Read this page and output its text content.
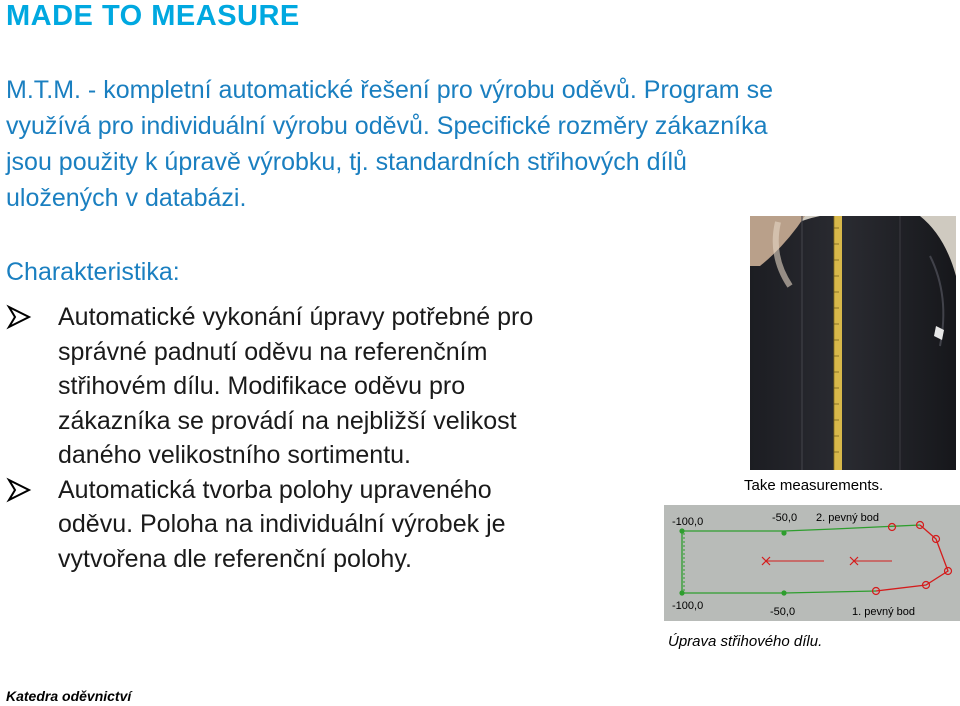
MADE TO MEASURE
M.T.M. - kompletní automatické řešení pro výrobu oděvů. Program se
využívá pro individuální výrobu oděvů. Specifické rozměry zákazníka
jsou použity k úpravě výrobku, tj. standardních střihových dílů
uložených v databázi.
Charakteristika:
Automatické vykonání úpravy potřebné pro
správné padnutí oděvu na referenčním
střihovém dílu. Modifikace oděvu pro
zákazníka se provádí na nejbližší velikost
daného velikostního sortimentu.
Automatická tvorba polohy upraveného
oděvu. Poloha na individuální výrobek je
vytvořena dle referenční polohy.
Take measurements.
-100,0	-50,0 2. pevný bod
-100,0	-50,0	1. pevný bod
Úprava střihového dílu.
Katedra oděvnictví
